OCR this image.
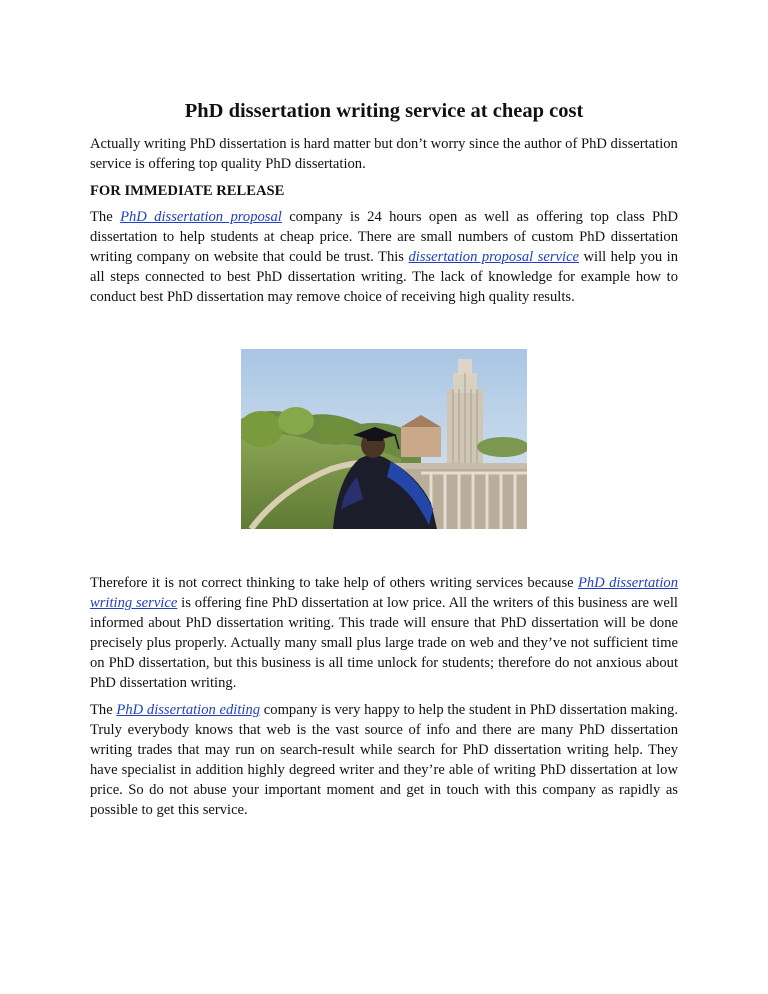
PhD dissertation writing service at cheap cost

Actually writing PhD dissertation is hard matter but don’t worry since the author of PhD dissertation service is offering top quality PhD dissertation.

FOR IMMEDIATE RELEASE

The PhD dissertation proposal company is 24 hours open as well as offering top class PhD dissertation to help students at cheap price. There are small numbers of custom PhD dissertation writing company on website that could be trust. This dissertation proposal service will help you in all steps connected to best PhD dissertation writing. The lack of knowledge for example how to conduct best PhD dissertation may remove choice of receiving high quality results.

Therefore it is not correct thinking to take help of others writing services because PhD dissertation writing service is offering fine PhD dissertation at low price. All the writers of this business are well informed about PhD dissertation writing. This trade will ensure that PhD dissertation will be done precisely plus properly. Actually many small plus large trade on web and they’ve not sufficient time on PhD dissertation, but this business is all time unlock for students; therefore do not anxious about PhD dissertation writing.

The PhD dissertation editing company is very happy to help the student in PhD dissertation making. Truly everybody knows that web is the vast source of info and there are many PhD dissertation writing trades that may run on search-result while search for PhD dissertation writing help. They have specialist in addition highly degreed writer and they’re able of writing PhD dissertation at low price. So do not abuse your important moment and get in touch with this company as rapidly as possible to get this service.
